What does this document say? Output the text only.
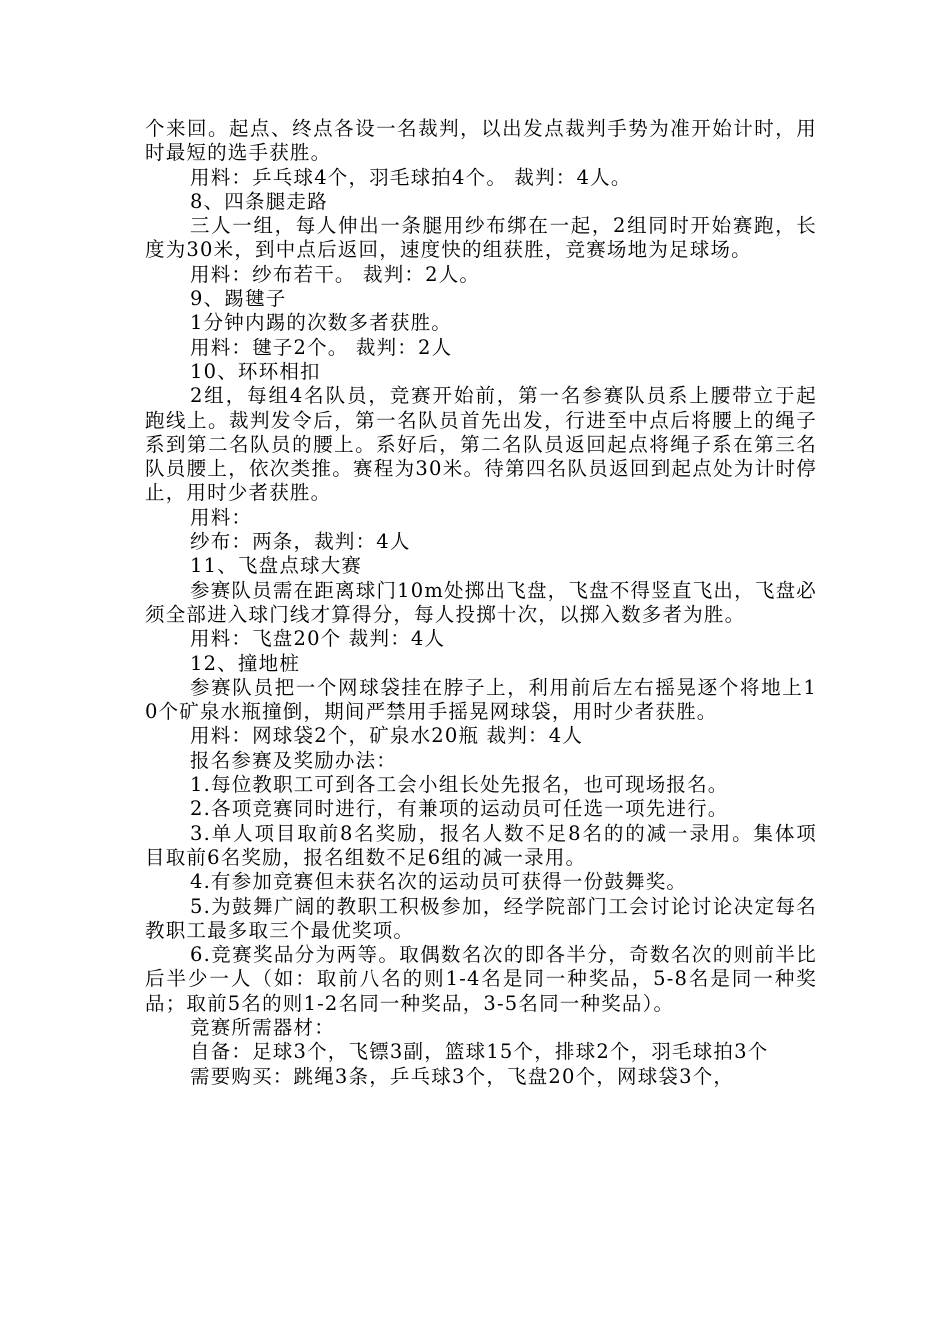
个来回。起点、终点各设一名裁判，以出发点裁判手势为准开始计时，用时最短的选手获胜。

用料：乒乓球4个，羽毛球拍4个。 裁判：4人。

8、四条腿走路

三人一组，每人伸出一条腿用纱布绑在一起，2组同时开始赛跑，长度为30米，到中点后返回，速度快的组获胜，竞赛场地为足球场。

用料：纱布若干。 裁判：2人。

9、踢毽子

1分钟内踢的次数多者获胜。

用料：毽子2个。 裁判：2人

10、环环相扣

2组，每组4名队员，竞赛开始前，第一名参赛队员系上腰带立于起跑线上。裁判发令后，第一名队员首先出发，行进至中点后将腰上的绳子系到第二名队员的腰上。系好后，第二名队员返回起点将绳子系在第三名队员腰上，依次类推。赛程为30米。待第四名队员返回到起点处为计时停止，用时少者获胜。

用料：

纱布：两条，裁判：4人

11、飞盘点球大赛

参赛队员需在距离球门10m处掷出飞盘，飞盘不得竖直飞出，飞盘必须全部进入球门线才算得分，每人投掷十次，以掷入数多者为胜。

用料：飞盘20个 裁判：4人

12、撞地桩

参赛队员把一个网球袋挂在脖子上，利用前后左右摇晃逐个将地上10个矿泉水瓶撞倒，期间严禁用手摇晃网球袋，用时少者获胜。

用料：网球袋2个，矿泉水20瓶 裁判：4人

报名参赛及奖励办法：

1.每位教职工可到各工会小组长处先报名，也可现场报名。

2.各项竞赛同时进行，有兼项的运动员可任选一项先进行。

3.单人项目取前8名奖励，报名人数不足8名的的减一录用。集体项目取前6名奖励，报名组数不足6组的减一录用。

4.有参加竞赛但未获名次的运动员可获得一份鼓舞奖。

5.为鼓舞广阔的教职工积极参加，经学院部门工会讨论讨论决定每名教职工最多取三个最优奖项。

6.竞赛奖品分为两等。取偶数名次的即各半分，奇数名次的则前半比后半少一人（如：取前八名的则1-4名是同一种奖品，5-8名是同一种奖品；取前5名的则1-2名同一种奖品，3-5名同一种奖品）。

竞赛所需器材：

自备：足球3个，飞镖3副，篮球15个，排球2个，羽毛球拍3个

需要购买：跳绳3条，乒乓球3个，飞盘20个，网球袋3个，
